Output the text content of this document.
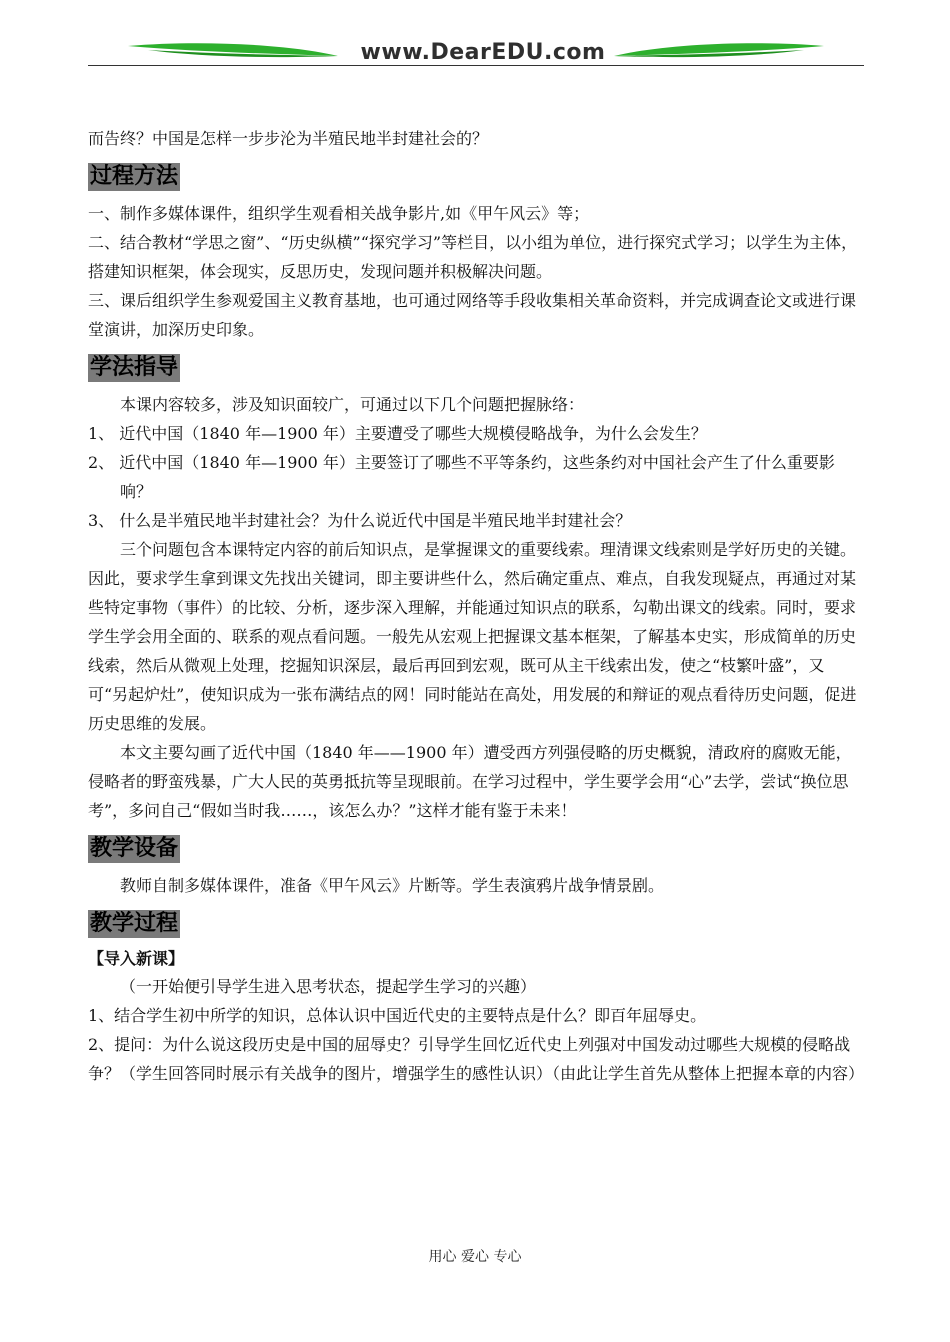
www.DearEDU.com

而告终？中国是怎样一步步沦为半殖民地半封建社会的？

过程方法

一、制作多媒体课件，组织学生观看相关战争影片,如《甲午风云》等；

二、结合教材“学思之窗”、“历史纵横”“探究学习”等栏目，以小组为单位，进行探究式学习；以学生为主体，搭建知识框架，体会现实，反思历史，发现问题并积极解决问题。

三、课后组织学生参观爱国主义教育基地，也可通过网络等手段收集相关革命资料，并完成调查论文或进行课堂演讲，加深历史印象。

学法指导

本课内容较多，涉及知识面较广，可通过以下几个问题把握脉络：

1、 近代中国（1840 年—1900 年）主要遭受了哪些大规模侵略战争，为什么会发生？

2、 近代中国（1840 年—1900 年）主要签订了哪些不平等条约，这些条约对中国社会产生了什么重要影响？

3、 什么是半殖民地半封建社会？为什么说近代中国是半殖民地半封建社会？

三个问题包含本课特定内容的前后知识点，是掌握课文的重要线索。理清课文线索则是学好历史的关键。因此，要求学生拿到课文先找出关键词，即主要讲些什么，然后确定重点、难点，自我发现疑点，再通过对某些特定事物（事件）的比较、分析，逐步深入理解，并能通过知识点的联系，勾勒出课文的线索。同时，要求学生学会用全面的、联系的观点看问题。一般先从宏观上把握课文基本框架，了解基本史实，形成简单的历史线索，然后从微观上处理，挖掘知识深层，最后再回到宏观，既可从主干线索出发，使之“枝繁叶盛”，又可“另起炉灶”，使知识成为一张布满结点的网！同时能站在高处，用发展的和辩证的观点看待历史问题，促进历史思维的发展。

本文主要勾画了近代中国（1840 年——1900 年）遭受西方列强侵略的历史概貌，清政府的腐败无能，侵略者的野蛮残暴，广大人民的英勇抵抗等呈现眼前。在学习过程中，学生要学会用“心”去学，尝试“换位思考”，多问自己“假如当时我……，该怎么办？”这样才能有鉴于未来！

教学设备

教师自制多媒体课件，准备《甲午风云》片断等。学生表演鸦片战争情景剧。

教学过程

【导入新课】

（一开始便引导学生进入思考状态，提起学生学习的兴趣）

1、结合学生初中所学的知识，总体认识中国近代史的主要特点是什么？即百年屈辱史。

2、提问：为什么说这段历史是中国的屈辱史？引导学生回忆近代史上列强对中国发动过哪些大规模的侵略战争？（学生回答同时展示有关战争的图片，增强学生的感性认识）（由此让学生首先从整体上把握本章的内容）

用心 爱心 专心
